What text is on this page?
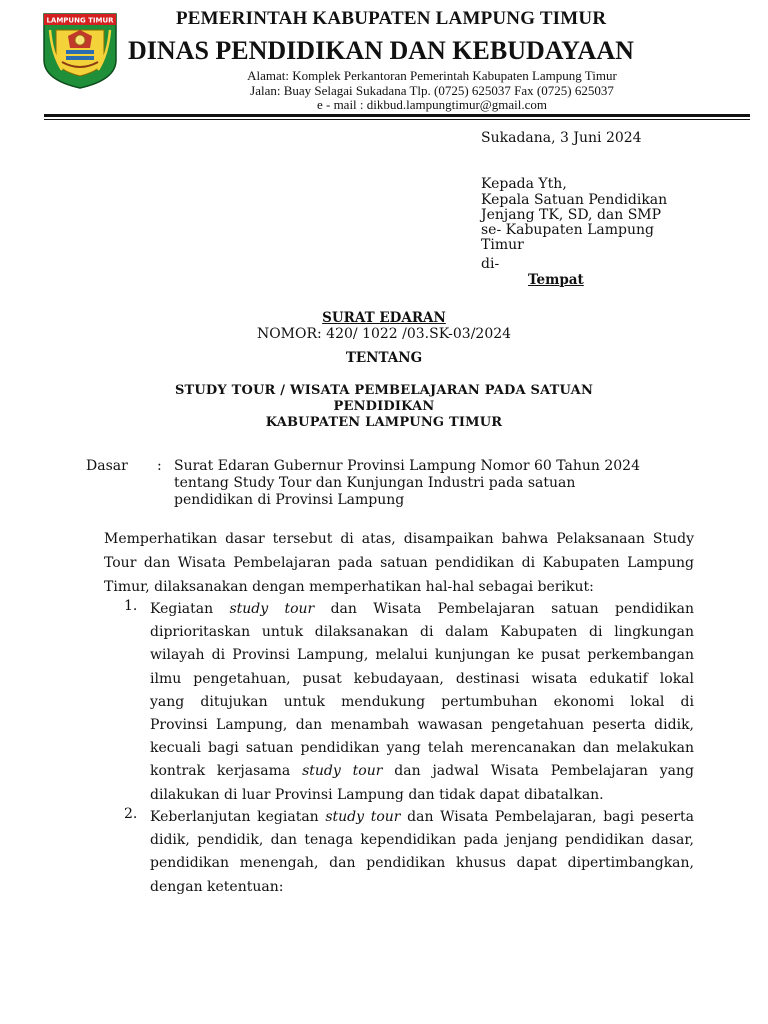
LAMPUNG TIMUR	PEMERINTAH KABUPATEN LAMPUNG TIMUR
DINAS PENDIDIKAN DAN KEBUDAYAAN
Alamat: Komplek Perkantoran Pemerintah Kabupaten Lampung Timur
Jalan: Buay Selagai Sukadana Tlp. (0725) 625037 Fax (0725) 625037
e - mail : dikbud.lampungtimur@gmail.com
Sukadana, 3 Juni 2024
Kepada Yth,
Kepala Satuan Pendidikan
Jenjang TK, SD, dan SMP
se- Kabupaten Lampung
Timur
di-
Tempat
SURAT EDARAN
NOMOR: 420/ 1022 /03.SK-03/2024
TENTANG
STUDY TOUR / WISATA PEMBELAJARAN PADA SATUAN
PENDIDIKAN
KABUPATEN LAMPUNG TIMUR
Dasar : Surat Edaran Gubernur Provinsi Lampung Nomor 60 Tahun 2024
tentang Study Tour dan Kunjungan Industri pada satuan
pendidikan di Provinsi Lampung
Memperhatikan dasar tersebut di atas, disampaikan bahwa Pelaksanaan Study
Tour dan Wisata Pembelajaran pada satuan pendidikan di Kabupaten Lampung
Timur, dilaksanakan dengan memperhatikan hal-hal sebagai berikut:
1. Kegiatan study tour dan Wisata Pembelajaran satuan pendidikan
diprioritaskan untuk dilaksanakan di dalam Kabupaten di lingkungan
wilayah di Provinsi Lampung, melalui kunjungan ke pusat perkembangan
ilmu pengetahuan, pusat kebudayaan, destinasi wisata edukatif lokal
yang ditujukan untuk mendukung pertumbuhan ekonomi lokal di
Provinsi Lampung, dan menambah wawasan pengetahuan peserta didik,
kecuali bagi satuan pendidikan yang telah merencanakan dan melakukan
kontrak kerjasama study tour dan jadwal Wisata Pembelajaran yang
dilakukan di luar Provinsi Lampung dan tidak dapat dibatalkan.
2. Keberlanjutan kegiatan study tour dan Wisata Pembelajaran, bagi peserta
didik, pendidik, dan tenaga kependidikan pada jenjang pendidikan dasar,
pendidikan menengah, dan pendidikan khusus dapat dipertimbangkan,
dengan ketentuan:
